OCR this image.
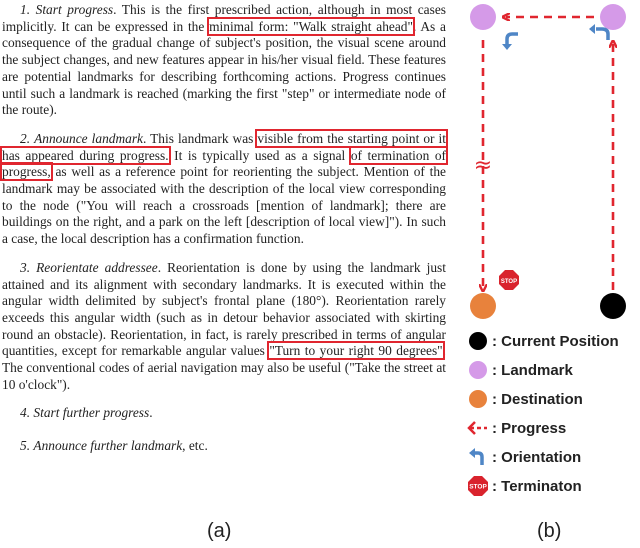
1. Start progress. This is the first prescribed action, although in most cases implicitly. It can be expressed in the minimal form: "Walk straight ahead". As a consequence of the gradual change of subject's position, the visual scene around the subject changes, and new features appear in his/her visual field. These features are potential landmarks for describing forthcoming actions. Progress continues until such a landmark is reached (marking the first "step" or intermediate node of the route).

2. Announce landmark. This landmark was visible from the starting point or it has appeared during progress. It is typically used as a signal of termination of progress, as well as a reference point for reorienting the subject. Mention of the landmark may be associated with the description of the local view corresponding to the node ("You will reach a crossroads [mention of landmark]; there are buildings on the right, and a park on the left [description of local view]"). In such a case, the local description has a confirmation function.

3. Reorientate addressee. Reorientation is done by using the landmark just attained and its alignment with secondary landmarks. It is executed within the angular width delimited by subject's frontal plane (180°). Reorientation rarely exceeds this angular width (such as in detour behavior associated with skirting round an obstacle). Reorientation, in fact, is rarely prescribed in terms of angular quantities, except for remarkable angular values "Turn to your right 90 degrees". The conventional codes of aerial navigation may also be useful ("Take the street at 10 o'clock").

4. Start further progress.

5. Announce further landmark, etc.

≈
STOP
: Current Position
: Landmark
: Destination
: Progress
: Orientation
STOP : Terminaton
(a)	(b)
